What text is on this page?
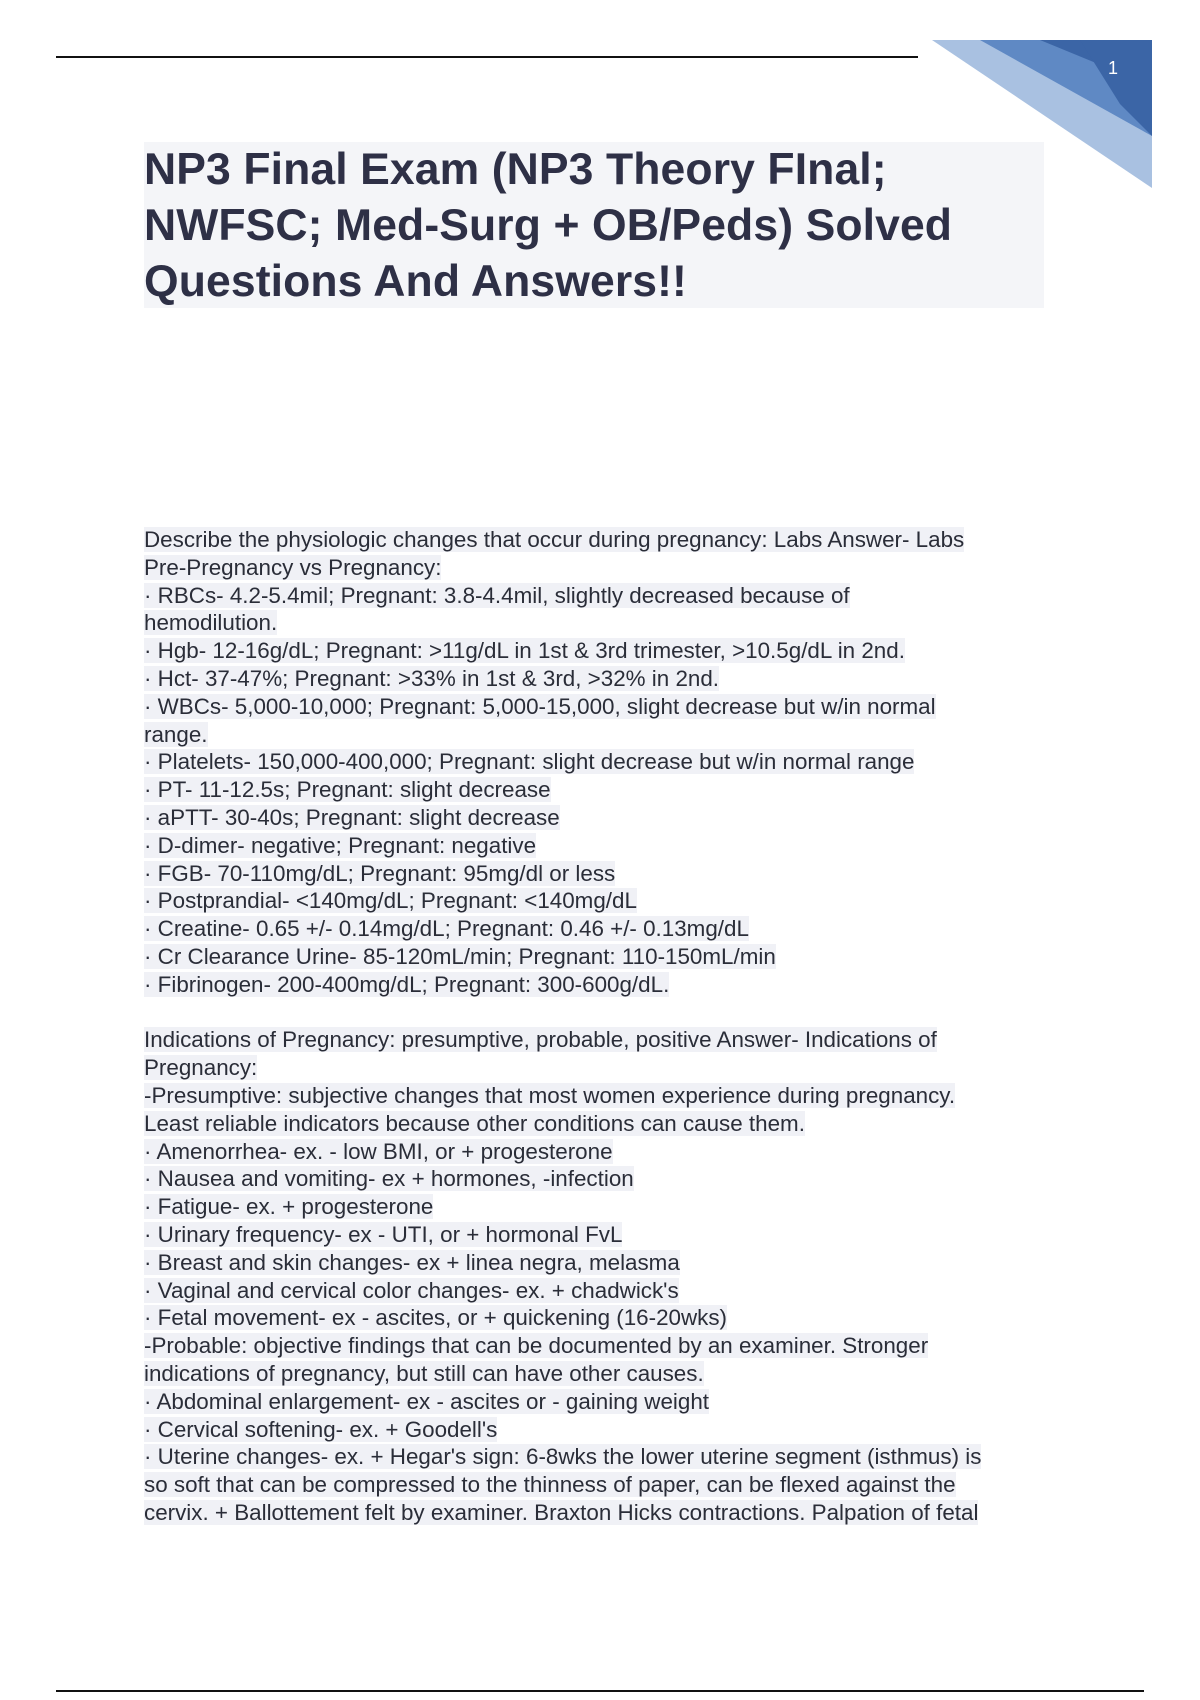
1
NP3 Final Exam (NP3 Theory FInal;
NWFSC; Med-Surg + OB/Peds) Solved
Questions And Answers!!
Describe the physiologic changes that occur during pregnancy: Labs Answer- Labs
Pre-Pregnancy vs Pregnancy:
· RBCs- 4.2-5.4mil; Pregnant: 3.8-4.4mil, slightly decreased because of
hemodilution.
· Hgb- 12-16g/dL; Pregnant: >11g/dL in 1st & 3rd trimester, >10.5g/dL in 2nd.
· Hct- 37-47%; Pregnant: >33% in 1st & 3rd, >32% in 2nd.
· WBCs- 5,000-10,000; Pregnant: 5,000-15,000, slight decrease but w/in normal
range.
· Platelets- 150,000-400,000; Pregnant: slight decrease but w/in normal range
· PT- 11-12.5s; Pregnant: slight decrease
· aPTT- 30-40s; Pregnant: slight decrease
· D-dimer- negative; Pregnant: negative
· FGB- 70-110mg/dL; Pregnant: 95mg/dl or less
· Postprandial- <140mg/dL; Pregnant: <140mg/dL
· Creatine- 0.65 +/- 0.14mg/dL; Pregnant: 0.46 +/- 0.13mg/dL
· Cr Clearance Urine- 85-120mL/min; Pregnant: 110-150mL/min
· Fibrinogen- 200-400mg/dL; Pregnant: 300-600g/dL.
Indications of Pregnancy: presumptive, probable, positive Answer- Indications of
Pregnancy:
-Presumptive: subjective changes that most women experience during pregnancy.
Least reliable indicators because other conditions can cause them.
· Amenorrhea- ex. - low BMI, or + progesterone
· Nausea and vomiting- ex + hormones, -infection
· Fatigue- ex. + progesterone
· Urinary frequency- ex - UTI, or + hormonal FvL
· Breast and skin changes- ex + linea negra, melasma
· Vaginal and cervical color changes- ex. + chadwick's
· Fetal movement- ex - ascites, or + quickening (16-20wks)
-Probable: objective findings that can be documented by an examiner. Stronger
indications of pregnancy, but still can have other causes.
· Abdominal enlargement- ex - ascites or - gaining weight
· Cervical softening- ex. + Goodell's
· Uterine changes- ex. + Hegar's sign: 6-8wks the lower uterine segment (isthmus) is
so soft that can be compressed to the thinness of paper, can be flexed against the
cervix. + Ballottement felt by examiner. Braxton Hicks contractions. Palpation of fetal
